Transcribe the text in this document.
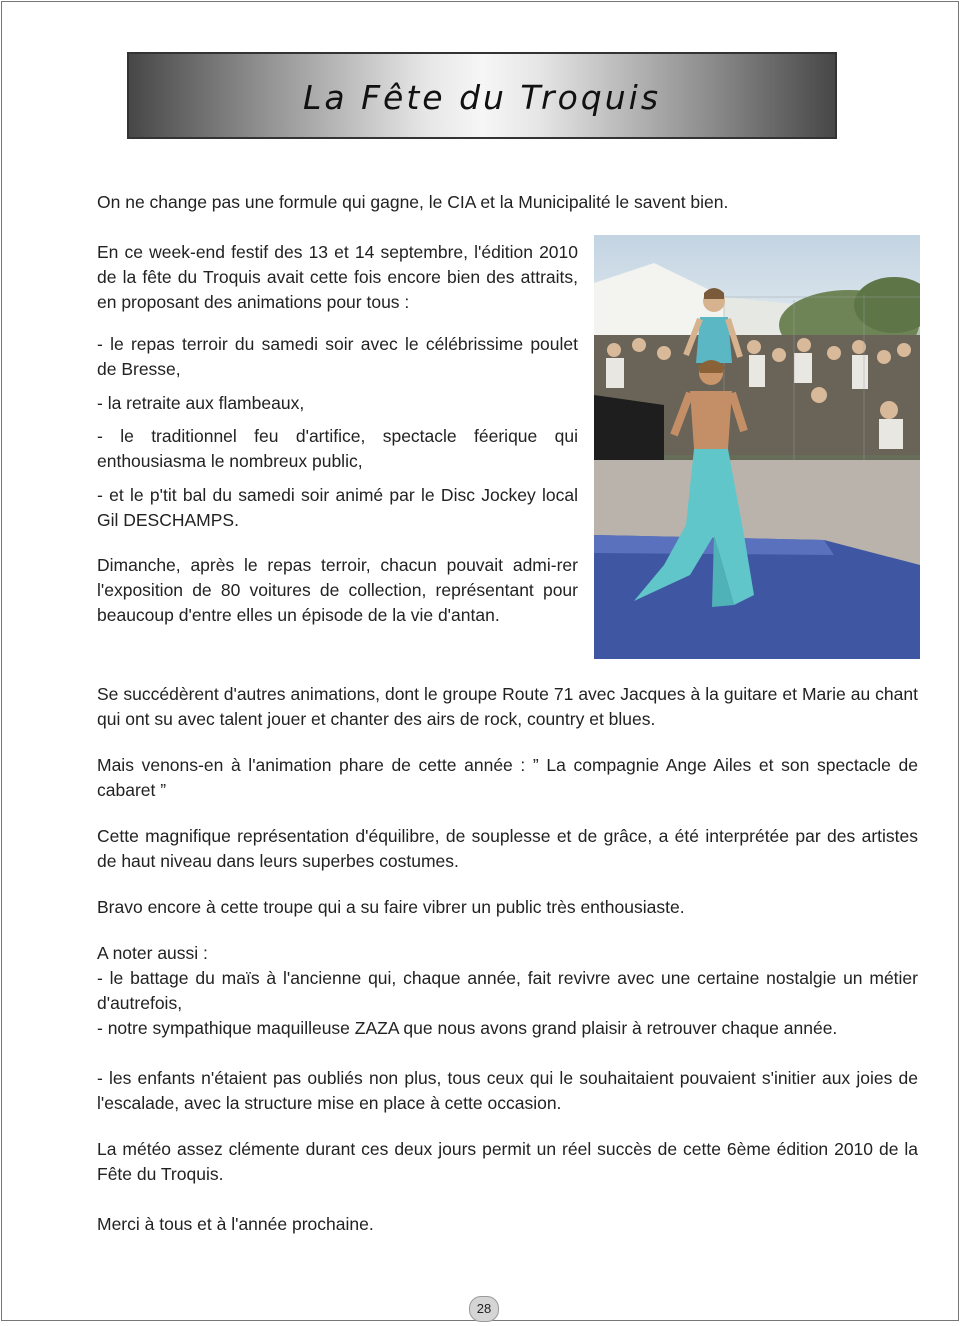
La Fête du Troquis

On ne change pas une formule qui gagne, le CIA et la Municipalité le savent bien.

En ce week-end festif des 13 et 14 septembre, l'édition 2010 de la fête du Troquis avait cette fois encore bien des attraits, en proposant des animations pour tous :

- le repas terroir du samedi soir avec le célébrissime poulet de Bresse,

- la retraite aux flambeaux,

- le traditionnel feu d'artifice, spectacle féerique qui enthousiasma le nombreux public,

- et le p'tit bal du samedi soir animé par le Disc Jockey local Gil DESCHAMPS.

Dimanche, après le repas terroir, chacun pouvait admi-rer l'exposition de 80 voitures de collection, représentant pour beaucoup d'entre elles un épisode de la vie d'antan.

Se succédèrent d'autres animations, dont le groupe Route 71 avec Jacques à la guitare et Marie au chant qui ont su avec talent jouer et chanter des airs de rock, country et blues.

Mais venons-en à l'animation phare de cette année : ” La compagnie Ange Ailes et son spectacle de cabaret ”

Cette magnifique représentation d'équilibre, de souplesse et de grâce, a été interprétée par des artistes de haut niveau dans leurs superbes costumes.

Bravo encore à cette troupe qui a su faire vibrer un public très enthousiaste.

A noter aussi :

- le battage du maïs à l'ancienne qui, chaque année, fait revivre avec une certaine nostalgie un métier d'autrefois,

- notre sympathique maquilleuse ZAZA que nous avons grand plaisir à retrouver chaque année.

- les enfants n'étaient pas oubliés non plus, tous ceux qui le souhaitaient pouvaient s'initier aux joies de l'escalade, avec la structure mise en place à cette occasion.

La météo assez clémente durant ces deux jours permit un réel succès de cette 6ème édition 2010 de la Fête du Troquis.

Merci à tous et à l'année prochaine.

28
